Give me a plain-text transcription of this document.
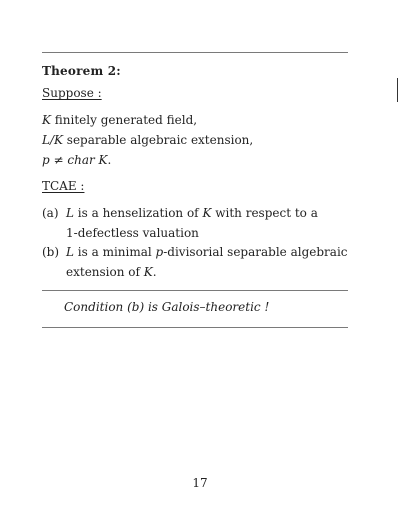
Theorem 2:
Suppose :
K finitely generated field,
L/K separable algebraic extension,
p ≠ char K.
TCAE :
(a) L is a henselization of K with respect to a
1-defectless valuation
(b) L is a minimal p-divisorial separable algebraic
extension of K.
Condition (b) is Galois–theoretic !
17
